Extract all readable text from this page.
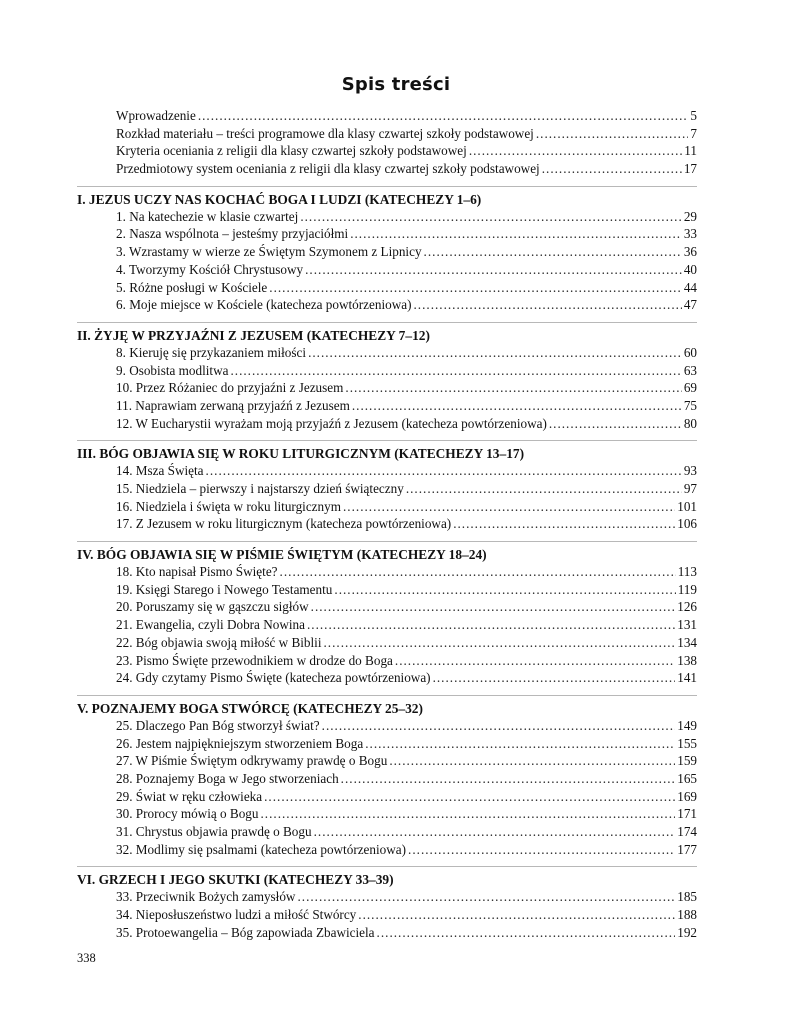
Spis treści
Wprowadzenie .....	5
Rozkład materiału – treści programowe dla klasy czwartej szkoły podstawowej .....	7
Kryteria oceniania z religii dla klasy czwartej szkoły podstawowej .....	11
Przedmiotowy system oceniania z religii dla klasy czwartej szkoły podstawowej .....	17
I. JEZUS UCZY NAS KOCHAĆ BOGA I LUDZI (KATECHEZY 1–6)
1. Na katechezie w klasie czwartej .....	29
2. Nasza wspólnota – jesteśmy przyjaciółmi .....	33
3. Wzrastamy w wierze ze Świętym Szymonem z Lipnicy .....	36
4. Tworzymy Kościół Chrystusowy .....	40
5. Różne posługi w Kościele .....	44
6. Moje miejsce w Kościele (katecheza powtórzeniowa) .....	47
II. ŻYJĘ W PRZYJAŹNI Z JEZUSEM (KATECHEZY 7–12)
8. Kieruję się przykazaniem miłości .....	60
9. Osobista modlitwa .....	63
10. Przez Różaniec do przyjaźni z Jezusem .....	69
11. Naprawiam zerwaną przyjaźń z Jezusem .....	75
12. W Eucharystii wyrażam moją przyjaźń z Jezusem (katecheza powtórzeniowa) .....	80
III. BÓG OBJAWIA SIĘ W ROKU LITURGICZNYM (KATECHEZY 13–17)
14. Msza Święta .....	93
15. Niedziela – pierwszy i najstarszy dzień świąteczny .....	97
16. Niedziela i święta w roku liturgicznym .....	101
17. Z Jezusem w roku liturgicznym (katecheza powtórzeniowa) .....	106
IV. BÓG OBJAWIA SIĘ W PIŚMIE ŚWIĘTYM (KATECHEZY 18–24)
18. Kto napisał Pismo Święte? .....	113
19. Księgi Starego i Nowego Testamentu .....	119
20. Poruszamy się w gąszczu sigłów .....	126
21. Ewangelia, czyli Dobra Nowina .....	131
22. Bóg objawia swoją miłość w Biblii .....	134
23. Pismo Święte przewodnikiem w drodze do Boga .....	138
24. Gdy czytamy Pismo Święte (katecheza powtórzeniowa) .....	141
V. POZNAJEMY BOGA STWÓRCĘ (KATECHEZY 25–32)
25. Dlaczego Pan Bóg stworzył świat? .....	149
26. Jestem najpiękniejszym stworzeniem Boga .....	155
27. W Piśmie Świętym odkrywamy prawdę o Bogu .....	159
28. Poznajemy Boga w Jego stworzeniach .....	165
29. Świat w ręku człowieka .....	169
30. Prorocy mówią o Bogu .....	171
31. Chrystus objawia prawdę o Bogu .....	174
32. Modlimy się psalmami (katecheza powtórzeniowa) .....	177
VI. GRZECH I JEGO SKUTKI (KATECHEZY 33–39)
33. Przeciwnik Bożych zamysłów .....	185
34. Nieposłuszeństwo ludzi a miłość Stwórcy .....	188
35. Protoewangelia – Bóg zapowiada Zbawiciela .....	192
338
